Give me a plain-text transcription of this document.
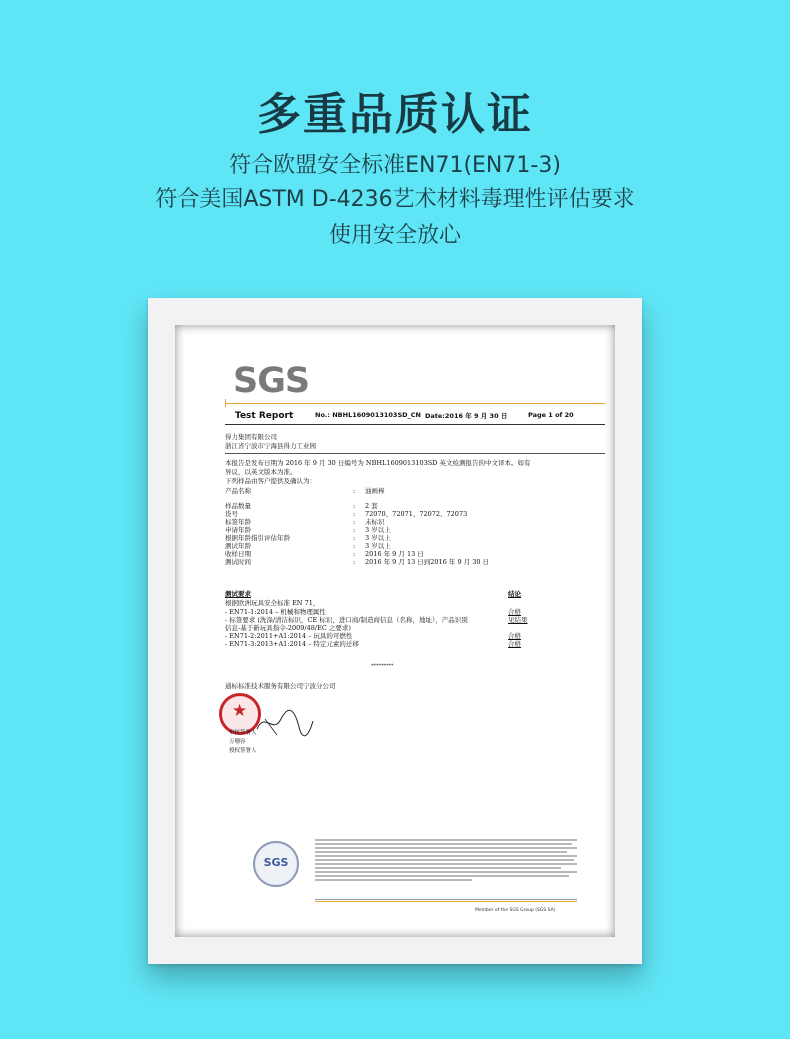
多重品质认证
符合欧盟安全标准EN71(EN71-3)
符合美国ASTM D-4236艺术材料毒理性评估要求
使用安全放心
SGS
Test Report	No.: NBHL1609013103SD_CN Date:2016 年 9 月 30 日	Page 1 of 20
得力集团有限公司
浙江省宁波市宁海县得力工业园
本报告是发布日期为 2016 年 9 月 30 日编号为 NBHL1609013103SD 英文检测报告的中文译本。如有
异议，以英文版本为准。
下列样品由客户提供及确认为：
产品名称	: 油画棒
样品数量	: 2 套
货号	: 72070、72071、72072、72073
标签年龄	: 未标识
申请年龄	: 3 岁以上
根据年龄指引评估年龄	: 3 岁以上
测试年龄	: 3 岁以上
收样日期	: 2016 年 9 月 13 日
测试时间	: 2016 年 9 月 13 日到2016 年 9 月 30 日
测试要求	结论
根据欧洲玩具安全标准 EN 71，
- EN71-1:2014 – 机械和物理属性	合格
- 标签要求 (洗涤/清洁标识，CE 标识，进口商/制造商信息（名称，地址），产品识别	见结果
信息-基于新玩具指令-2009/48/EC 之要求)
- EN71-2:2011+A1:2014 – 玩具的可燃性	合格
- EN71-3:2013+A1:2014 – 特定元素的迁移	合格
*********
通标标准技术服务有限公司宁波分公司
★
审核签署人
万珊容
授权签署人
SGS
Member of the SGS Group (SGS SA)
